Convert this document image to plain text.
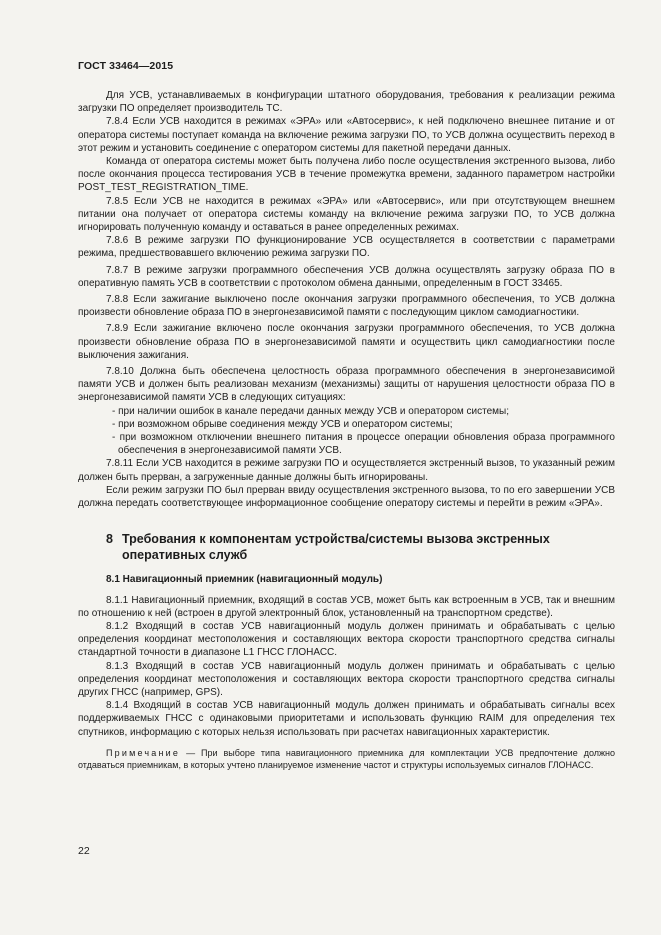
ГОСТ 33464—2015

Для УСВ, устанавливаемых в конфигурации штатного оборудования, требования к реализации режима загрузки ПО определяет производитель ТС.

7.8.4 Если УСВ находится в режимах «ЭРА» или «Автосервис», к ней подключено внешнее питание и от оператора системы поступает команда на включение режима загрузки ПО, то УСВ должна осуществить переход в этот режим и установить соединение с оператором системы для пакетной передачи данных.

Команда от оператора системы может быть получена либо после осуществления экстренного вызова, либо после окончания процесса тестирования УСВ в течение промежутка времени, заданного параметром настройки POST_TEST_REGISTRATION_TIME.

7.8.5 Если УСВ не находится в режимах «ЭРА» или «Автосервис», или при отсутствующем внешнем питании она получает от оператора системы команду на включение режима загрузки ПО, то УСВ должна игнорировать полученную команду и оставаться в ранее определенных режимах.

7.8.6 В режиме загрузки ПО функционирование УСВ осуществляется в соответствии с параметрами режима, предшествовавшего включению режима загрузки ПО.

7.8.7 В режиме загрузки программного обеспечения УСВ должна осуществлять загрузку образа ПО в оперативную память УСВ в соответствии с протоколом обмена данными, определенным в ГОСТ 33465.

7.8.8 Если зажигание выключено после окончания загрузки программного обеспечения, то УСВ должна произвести обновление образа ПО в энергонезависимой памяти с последующим циклом самодиагностики.

7.8.9 Если зажигание включено после окончания загрузки программного обеспечения, то УСВ должна произвести обновление образа ПО в энергонезависимой памяти и осуществить цикл самодиагностики после выключения зажигания.

7.8.10 Должна быть обеспечена целостность образа программного обеспечения в энергонезависимой памяти УСВ и должен быть реализован механизм (механизмы) защиты от нарушения целостности образа ПО в энергонезависимой памяти УСВ в следующих ситуациях:

- при наличии ошибок в канале передачи данных между УСВ и оператором системы;

- при возможном обрыве соединения между УСВ и оператором системы;

- при возможном отключении внешнего питания в процессе операции обновления образа программного обеспечения в энергонезависимой памяти УСВ.

7.8.11 Если УСВ находится в режиме загрузки ПО и осуществляется экстренный вызов, то указанный режим должен быть прерван, а загруженные данные должны быть игнорированы.

Если режим загрузки ПО был прерван ввиду осуществления экстренного вызова, то по его завершении УСВ должна передать соответствующее информационное сообщение оператору системы и перейти в режим «ЭРА».

8 Требования к компонентам устройства/системы вызова экстренных
оперативных служб
8.1 Навигационный приемник (навигационный модуль)

8.1.1 Навигационный приемник, входящий в состав УСВ, может быть как встроенным в УСВ, так и внешним по отношению к ней (встроен в другой электронный блок, установленный на транспортном средстве).

8.1.2 Входящий в состав УСВ навигационный модуль должен принимать и обрабатывать с целью определения координат местоположения и составляющих вектора скорости транспортного средства сигналы стандартной точности в диапазоне L1 ГНСС ГЛОНАСС.

8.1.3 Входящий в состав УСВ навигационный модуль должен принимать и обрабатывать с целью определения координат местоположения и составляющих вектора скорости транспортного средства сигналы других ГНСС (например, GPS).

8.1.4 Входящий в состав УСВ навигационный модуль должен принимать и обрабатывать сигналы всех поддерживаемых ГНСС с одинаковыми приоритетами и использовать функцию RAIM для определения тех спутников, информацию с которых нельзя использовать при расчетах навигационных характеристик.

Примечание — При выборе типа навигационного приемника для комплектации УСВ предпочтение должно отдаваться приемникам, в которых учтено планируемое изменение частот и структуры используемых сигналов ГЛОНАСС.

22
